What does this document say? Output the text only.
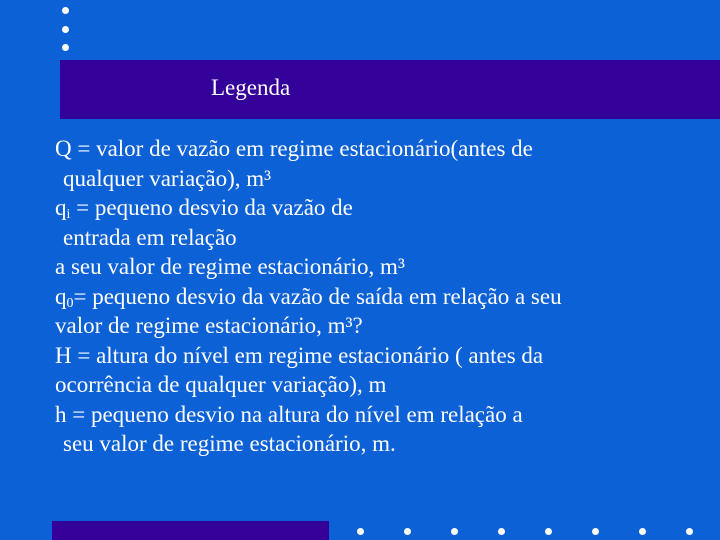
Legenda
Q = valor de vazão em regime estacionário(antes de
qualquer variação), m³
$q_i$ = pequeno desvio da vazão de
entrada em relação
a seu valor de regime estacionário, m³
$q_0=$ pequeno desvio da vazão de saída em relação a seu
valor de regime estacionário, m³?
H = altura do nível em regime estacionário ( antes da
ocorrência de qualquer variação), m
h = pequeno desvio na altura do nível em relação a
seu valor de regime estacionário, m.
